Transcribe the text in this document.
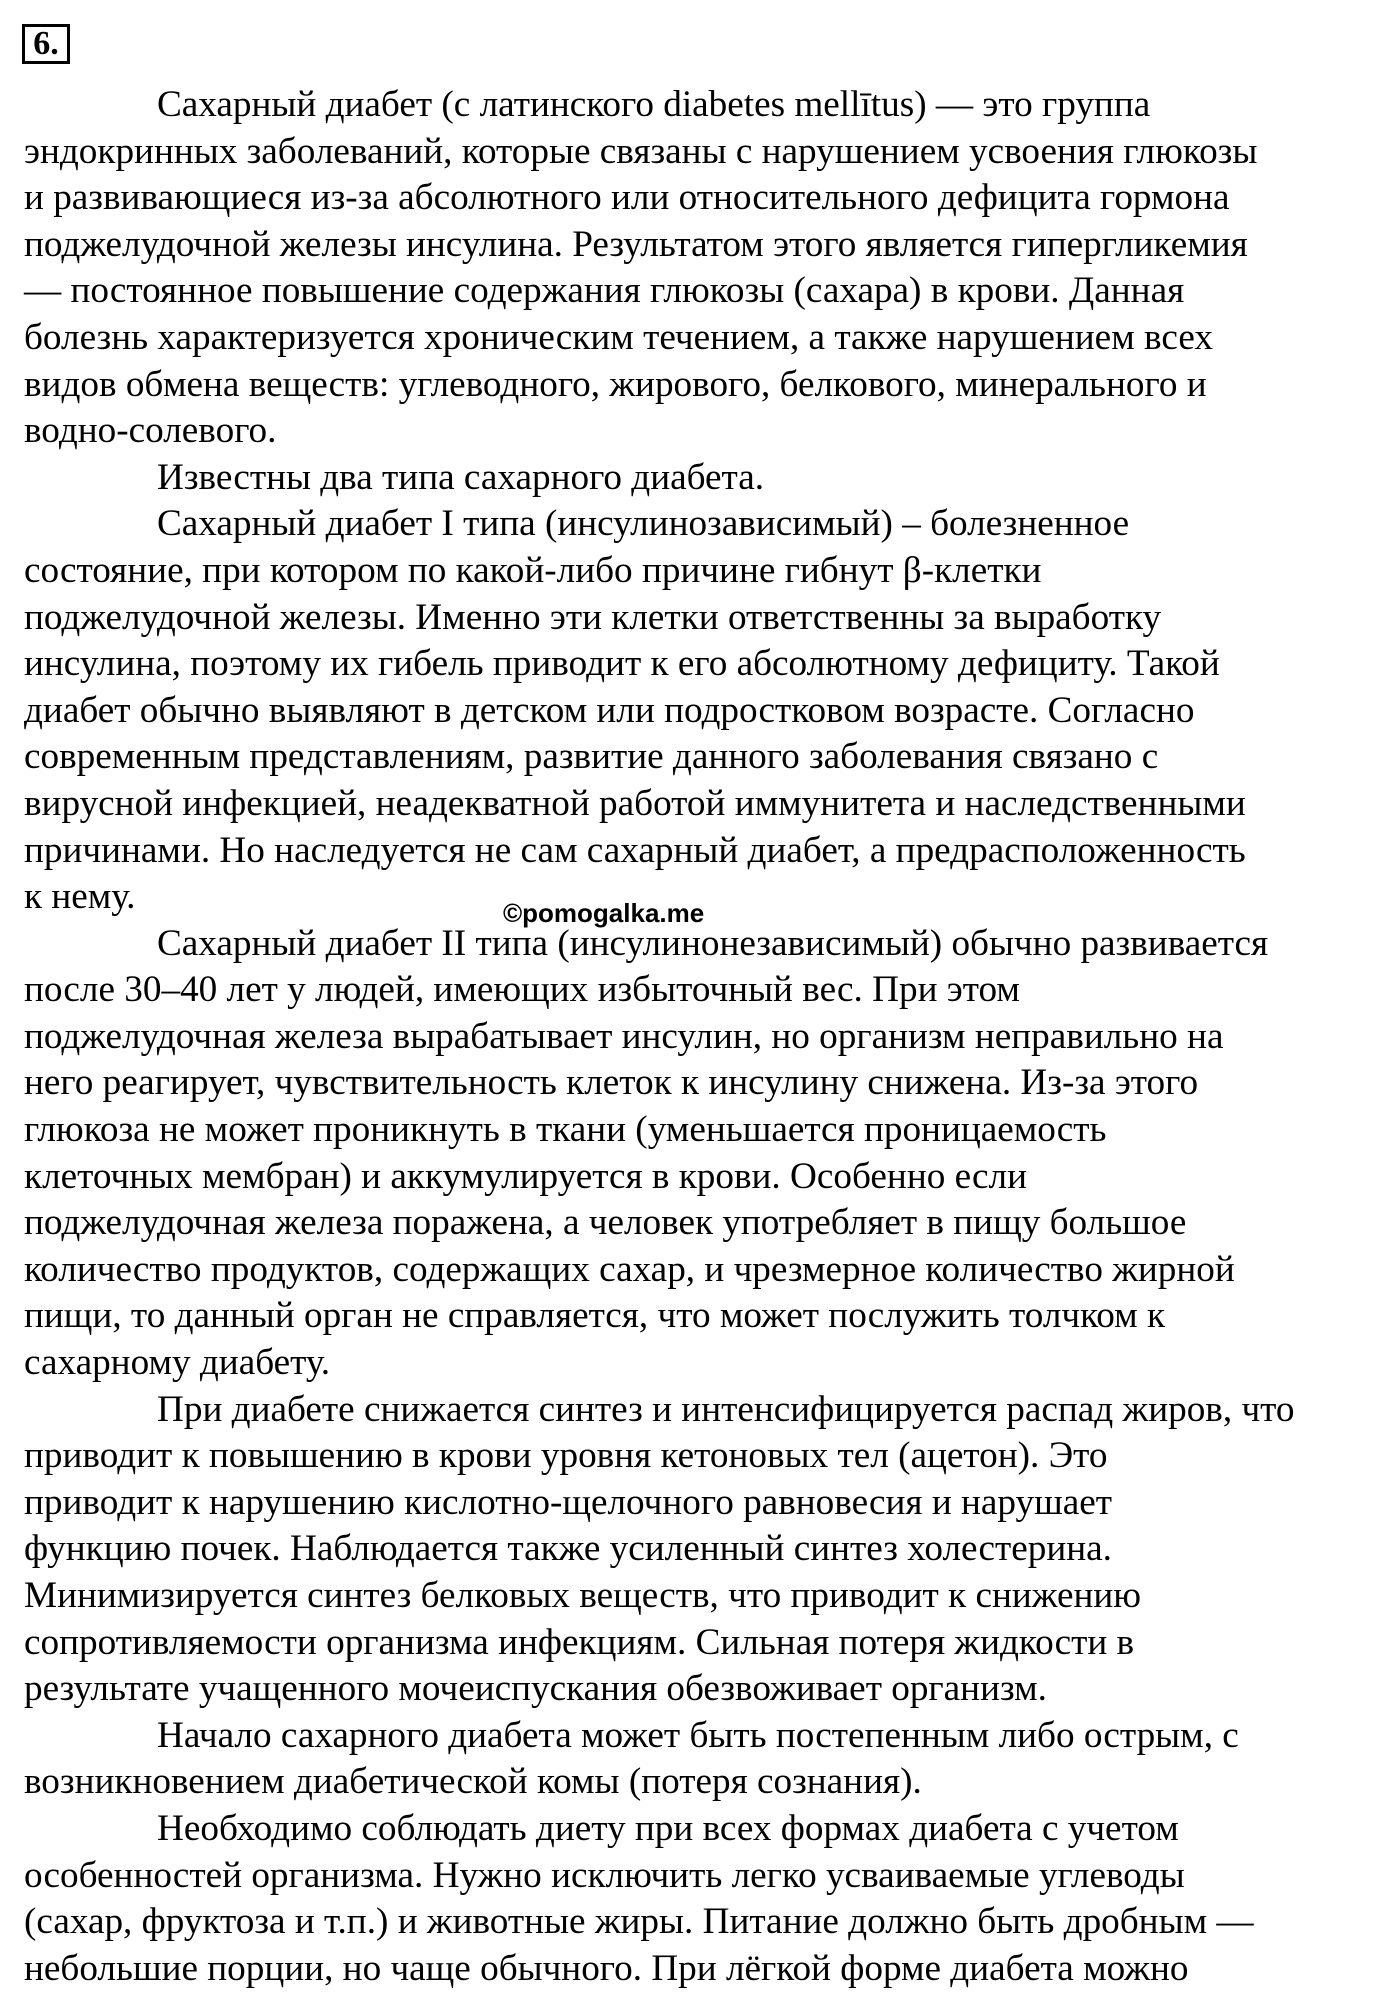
6.

Сахарный диабет (с латинского diabetes mellītus) — это группа
эндокринных заболеваний, которые связаны с нарушением усвоения глюкозы
и развивающиеся из-за абсолютного или относительного дефицита гормона
поджелудочной железы инсулина. Результатом этого является гипергликемия
— постоянное повышение содержания глюкозы (сахара) в крови. Данная
болезнь характеризуется хроническим течением, а также нарушением всех
видов обмена веществ: углеводного, жирового, белкового, минерального и
водно-солевого.

Известны два типа сахарного диабета.

Сахарный диабет I типа (инсулинозависимый) – болезненное
состояние, при котором по какой-либо причине гибнут β-клетки
поджелудочной железы. Именно эти клетки ответственны за выработку
инсулина, поэтому их гибель приводит к его абсолютному дефициту. Такой
диабет обычно выявляют в детском или подростковом возрасте. Согласно
современным представлениям, развитие данного заболевания связано с
вирусной инфекцией, неадекватной работой иммунитета и наследственными
причинами. Но наследуется не сам сахарный диабет, а предрасположенность
к нему.

Сахарный диабет II типа (инсулинонезависимый) обычно развивается
после 30–40 лет у людей, имеющих избыточный вес. При этом
поджелудочная железа вырабатывает инсулин, но организм неправильно на
него реагирует, чувствительность клеток к инсулину снижена. Из-за этого
глюкоза не может проникнуть в ткани (уменьшается проницаемость
клеточных мембран) и аккумулируется в крови. Особенно если
поджелудочная железа поражена, а человек употребляет в пищу большое
количество продуктов, содержащих сахар, и чрезмерное количество жирной
пищи, то данный орган не справляется, что может послужить толчком к
сахарному диабету.

При диабете снижается синтез и интенсифицируется распад жиров, что
приводит к повышению в крови уровня кетоновых тел (ацетон). Это
приводит к нарушению кислотно-щелочного равновесия и нарушает
функцию почек. Наблюдается также усиленный синтез холестерина.
Минимизируется синтез белковых веществ, что приводит к снижению
сопротивляемости организма инфекциям. Сильная потеря жидкости в
результате учащенного мочеиспускания обезвоживает организм.

Начало сахарного диабета может быть постепенным либо острым, с
возникновением диабетической комы (потеря сознания).

Необходимо соблюдать диету при всех формах диабета с учетом
особенностей организма. Нужно исключить легко усваиваемые углеводы
(сахар, фруктоза и т.п.) и животные жиры. Питание должно быть дробным —
небольшие порции, но чаще обычного. При лёгкой форме диабета можно

©pomogalka.me
